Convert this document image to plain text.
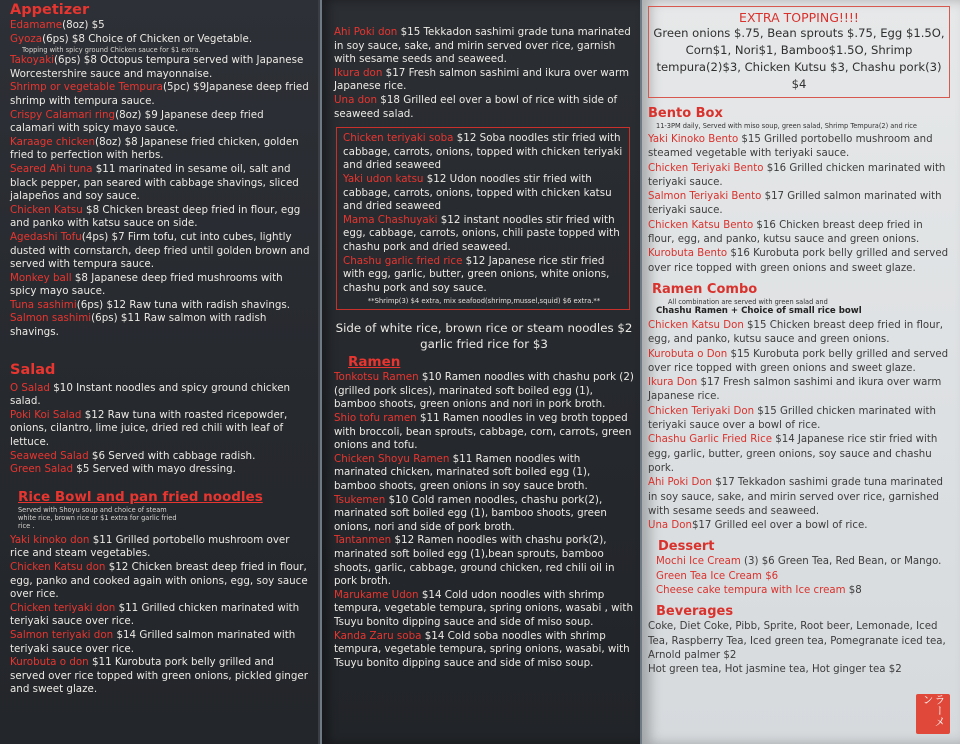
Appetizer

Edamame(8oz) $5

Gyoza(6ps) $8 Choice of Chicken or Vegetable.

Topping with spicy ground Chicken sauce for $1 extra.

Takoyaki(6ps) $8 Octopus tempura served with Japanese Worcestershire sauce and mayonnaise.

Shrimp or vegetable Tempura(5pc) $9Japanese deep fried shrimp with tempura sauce.

Crispy Calamari ring(8oz) $9 Japanese deep fried calamari with spicy mayo sauce.

Karaage chicken(8oz) $8 Japanese fried chicken, golden fried to perfection with herbs.

Seared Ahi tuna $11 marinated in sesame oil, salt and black pepper, pan seared with cabbage shavings, sliced jalapeños and soy sauce.

Chicken Katsu $8 Chicken breast deep fried in flour, egg and panko with katsu sauce on side.

Agedashi Tofu(4ps) $7 Firm tofu, cut into cubes, lightly dusted with cornstarch, deep fried until golden brown and served with tempura sauce.

Monkey ball $8 Japanese deep fried mushrooms with spicy mayo sauce.

Tuna sashimi(6ps) $12 Raw tuna with radish shavings.

Salmon sashimi(6ps) $11 Raw salmon with radish shavings.

Salad

O Salad $10 Instant noodles and spicy ground chicken salad.

Poki Koi Salad $12 Raw tuna with roasted ricepowder, onions, cilantro, lime juice, dried red chili with leaf of lettuce.

Seaweed Salad $6 Served with cabbage radish.

Green Salad $5 Served with mayo dressing.

Rice Bowl and pan fried noodles

Served with Shoyu soup and choice of steam white rice, brown rice or $1 extra for garlic fried rice .

Yaki kinoko don $11 Grilled portobello mushroom over rice and steam vegetables.

Chicken Katsu don $12 Chicken breast deep fried in flour, egg, panko and cooked again with onions, egg, soy sauce over rice.

Chicken teriyaki don $11 Grilled chicken marinated with teriyaki sauce over rice.

Salmon teriyaki don $14 Grilled salmon marinated with teriyaki sauce over rice.

Kurobuta o don $11 Kurobuta pork belly grilled and served over rice topped with green onions, pickled ginger and sweet glaze.

Ahi Poki don $15 Tekkadon sashimi grade tuna marinated in soy sauce, sake, and mirin served over rice, garnish with sesame seeds and seaweed.

Ikura don $17 Fresh salmon sashimi and ikura over warm Japanese rice.

Una don $18 Grilled eel over a bowl of rice with side of seaweed salad.

Chicken teriyaki soba $12 Soba noodles stir fried with cabbage, carrots, onions, topped with chicken teriyaki and dried seaweed

Yaki udon katsu $12 Udon noodles stir fried with cabbage, carrots, onions, topped with chicken katsu and dried seaweed

Mama Chashuyaki $12 instant noodles stir fried with egg, cabbage, carrots, onions, chili paste topped with chashu pork and dried seaweed.

Chashu garlic fried rice $12 Japanese rice stir fried with egg, garlic, butter, green onions, white onions, chashu pork and soy sauce.

**Shrimp(3) $4 extra, mix seafood(shrimp,mussel,squid) $6 extra.**

Side of white rice, brown rice or steam noodles $2 garlic fried rice for $3

Ramen

Tonkotsu Ramen $10 Ramen noodles with chashu pork (2) (grilled pork slices), marinated soft boiled egg (1), bamboo shoots, green onions and nori in pork broth.

Shio tofu ramen $11 Ramen noodles in veg broth topped with broccoli, bean sprouts, cabbage, corn, carrots, green onions and tofu.

Chicken Shoyu Ramen $11 Ramen noodles with marinated chicken, marinated soft boiled egg (1), bamboo shoots, green onions in soy sauce broth.

Tsukemen $10 Cold ramen noodles, chashu pork(2), marinated soft boiled egg (1), bamboo shoots, green onions, nori and side of pork broth.

Tantanmen $12 Ramen noodles with chashu pork(2), marinated soft boiled egg (1),bean sprouts, bamboo shoots, garlic, cabbage, ground chicken, red chili oil in pork broth.

Marukame Udon $14 Cold udon noodles with shrimp tempura, vegetable tempura, spring onions, wasabi , with Tsuyu bonito dipping sauce and side of miso soup.

Kanda Zaru soba $14 Cold soba noodles with shrimp tempura, vegetable tempura, spring onions, wasabi, with Tsuyu bonito dipping sauce and side of miso soup.

EXTRA TOPPING!!!!

Green onions $.75, Bean sprouts $.75, Egg $1.5O, Corn$1, Nori$1, Bamboo$1.5O, Shrimp tempura(2)$3, Chicken Kutsu $3, Chashu pork(3) $4

Bento Box

11-3PM daily, Served with miso soup, green salad, Shrimp Tempura(2) and rice

Yaki Kinoko Bento $15 Grilled portobello mushroom and steamed vegetable with teriyaki sauce.

Chicken Teriyaki Bento $16 Grilled chicken marinated with teriyaki sauce.

Salmon Teriyaki Bento $17 Grilled salmon marinated with teriyaki sauce.

Chicken Katsu Bento $16 Chicken breast deep fried in flour, egg, and panko, kutsu sauce and green onions.

Kurobuta Bento $16 Kurobuta pork belly grilled and served over rice topped with green onions and sweet glaze.

Ramen Combo

All combination are served with green salad and

Chashu Ramen + Choice of small rice bowl

Chicken Katsu Don $15 Chicken breast deep fried in flour, egg, and panko, kutsu sauce and green onions.

Kurobuta o Don $15 Kurobuta pork belly grilled and served over rice topped with green onions and sweet glaze.

Ikura Don $17 Fresh salmon sashimi and ikura over warm Japanese rice.

Chicken Teriyaki Don $15 Grilled chicken marinated with teriyaki sauce over a bowl of rice.

Chashu Garlic Fried Rice $14 Japanese rice stir fried with egg, garlic, butter, green onions, soy sauce and chashu pork.

Ahi Poki Don $17 Tekkadon sashimi grade tuna marinated in soy sauce, sake, and mirin served over rice, garnished with sesame seeds and seaweed.

Una Don$17 Grilled eel over a bowl of rice.

Dessert

Mochi Ice Cream (3) $6 Green Tea, Red Bean, or Mango.

Green Tea Ice Cream $6

Cheese cake tempura with Ice cream $8

Beverages

Coke, Diet Coke, Pibb, Sprite, Root beer, Lemonade, Iced Tea, Raspberry Tea, Iced green tea, Pomegranate iced tea, Arnold palmer $2

Hot green tea, Hot jasmine tea, Hot ginger tea $2

ラーメン
